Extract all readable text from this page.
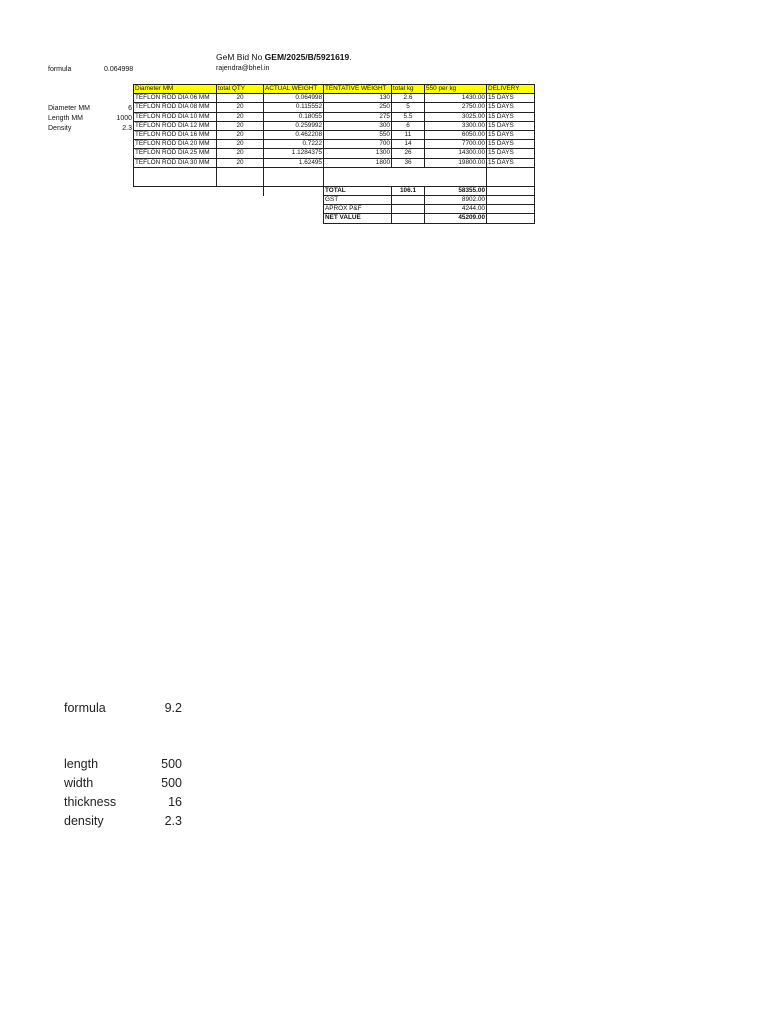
GeM Bid No GEM/2025/B/5921619.
rajendra@bhel.in
formula	0.064998
Diameter MM	6
Length MM	1000
Density	2.3
Diameter MM	total QTY	ACTUAL WEIGHT	TENTATIVE WEIGHT	total kg	550 per kg	DELIVERY
TEFLON ROD DIA 06 MM	20	0.064998	130	2.6	1430.00	15 DAYS
TEFLON ROD DIA 08 MM	20	0.115552	250	5	2750.00	15 DAYS
TEFLON ROD DIA 10 MM	20	0.18055	275	5.5	3025.00	15 DAYS
TEFLON ROD DIA 12 MM	20	0.259992	300	6	3300.00	15 DAYS
TEFLON ROD DIA 16 MM	20	0.462208	550	11	6050.00	15 DAYS
TEFLON ROD DIA 20 MM	20	0.7222	700	14	7700.00	15 DAYS
TEFLON ROD DIA 25 MM	20	1.1284375	1300	26	14300.00	15 DAYS
TEFLON ROD DIA 30 MM	20	1.62495	1800	36	19800.00	15 DAYS

			TOTAL	106.1	58355.00	
			GST		8902.00	
			APROX P&F		4244.00	
			NET VALUE		45209.00	
formula	9.2
length	500
width	500
thickness	16
density	2.3
